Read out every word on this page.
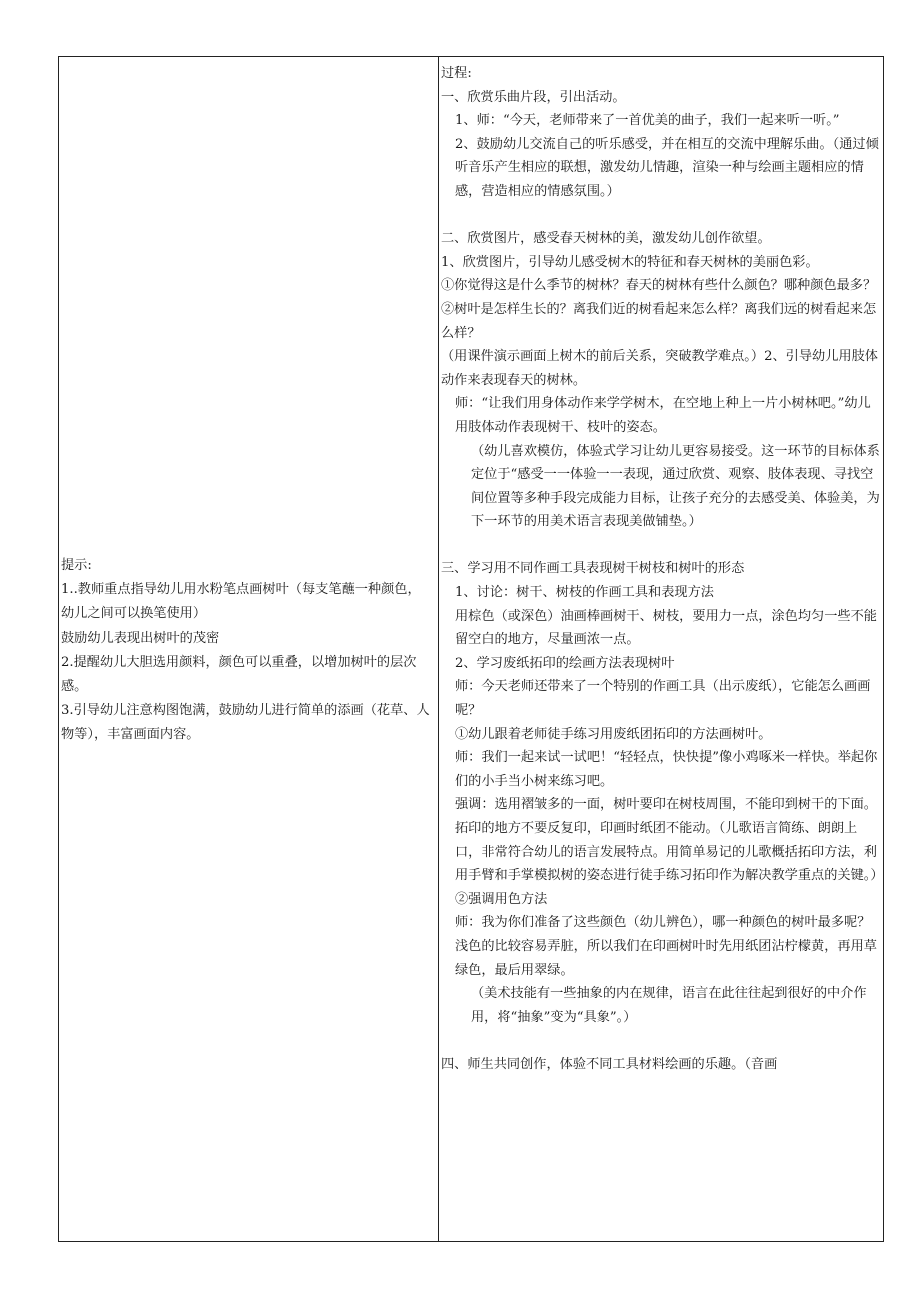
提示:
1..教师重点指导幼儿用水粉笔点画树叶（每支笔蘸一种颜色，幼儿之间可以换笔使用）
鼓励幼儿表现出树叶的茂密
2.提醒幼儿大胆选用颜料，颜色可以重叠，以增加树叶的层次感。
3.引导幼儿注意构图饱满，鼓励幼儿进行简单的添画（花草、人物等），丰富画面内容。

过程:

一、欣赏乐曲片段，引出活动。

1、师：“今天，老师带来了一首优美的曲子，我们一起来听一听。”

2、鼓励幼儿交流自己的听乐感受，并在相互的交流中理解乐曲。（通过倾听音乐产生相应的联想，激发幼儿情趣，渲染一种与绘画主题相应的情感，营造相应的情感氛围。）

二、欣赏图片，感受春天树林的美，激发幼儿创作欲望。

1、欣赏图片，引导幼儿感受树木的特征和春天树林的美丽色彩。

①你觉得这是什么季节的树林？春天的树林有些什么颜色？哪种颜色最多？

②树叶是怎样生长的？离我们近的树看起来怎么样？离我们远的树看起来怎么样？

（用课件演示画面上树木的前后关系，突破教学难点。）2、引导幼儿用肢体动作来表现春天的树林。

师：“让我们用身体动作来学学树木，在空地上种上一片小树林吧。”幼儿用肢体动作表现树干、枝叶的姿态。

（幼儿喜欢模仿，体验式学习让幼儿更容易接受。这一环节的目标体系定位于“感受一一体验一一表现，通过欣赏、观察、肢体表现、寻找空间位置等多种手段完成能力目标，让孩子充分的去感受美、体验美，为下一环节的用美术语言表现美做铺垫。）

三、学习用不同作画工具表现树干树枝和树叶的形态

1、讨论：树干、树枝的作画工具和表现方法

用棕色（或深色）油画棒画树干、树枝，要用力一点，涂色均匀一些不能留空白的地方，尽量画浓一点。

2、学习废纸拓印的绘画方法表现树叶

师：今天老师还带来了一个特别的作画工具（出示废纸），它能怎么画画呢？

①幼儿跟着老师徒手练习用废纸团拓印的方法画树叶。

师：我们一起来试一试吧！“轻轻点，快快提”像小鸡啄米一样快。举起你们的小手当小树来练习吧。

强调：选用褶皱多的一面，树叶要印在树枝周围，不能印到树干的下面。拓印的地方不要反复印，印画时纸团不能动。（儿歌语言简练、朗朗上口，非常符合幼儿的语言发展特点。用简单易记的儿歌概括拓印方法，利用手臂和手掌模拟树的姿态进行徒手练习拓印作为解决教学重点的关键。）

②强调用色方法

师：我为你们准备了这些颜色（幼儿辨色），哪一种颜色的树叶最多呢？浅色的比较容易弄脏，所以我们在印画树叶时先用纸团沾柠檬黄，再用草绿色，最后用翠绿。

（美术技能有一些抽象的内在规律，语言在此往往起到很好的中介作用，将“抽象”变为“具象”。）

四、师生共同创作，体验不同工具材料绘画的乐趣。（音画
